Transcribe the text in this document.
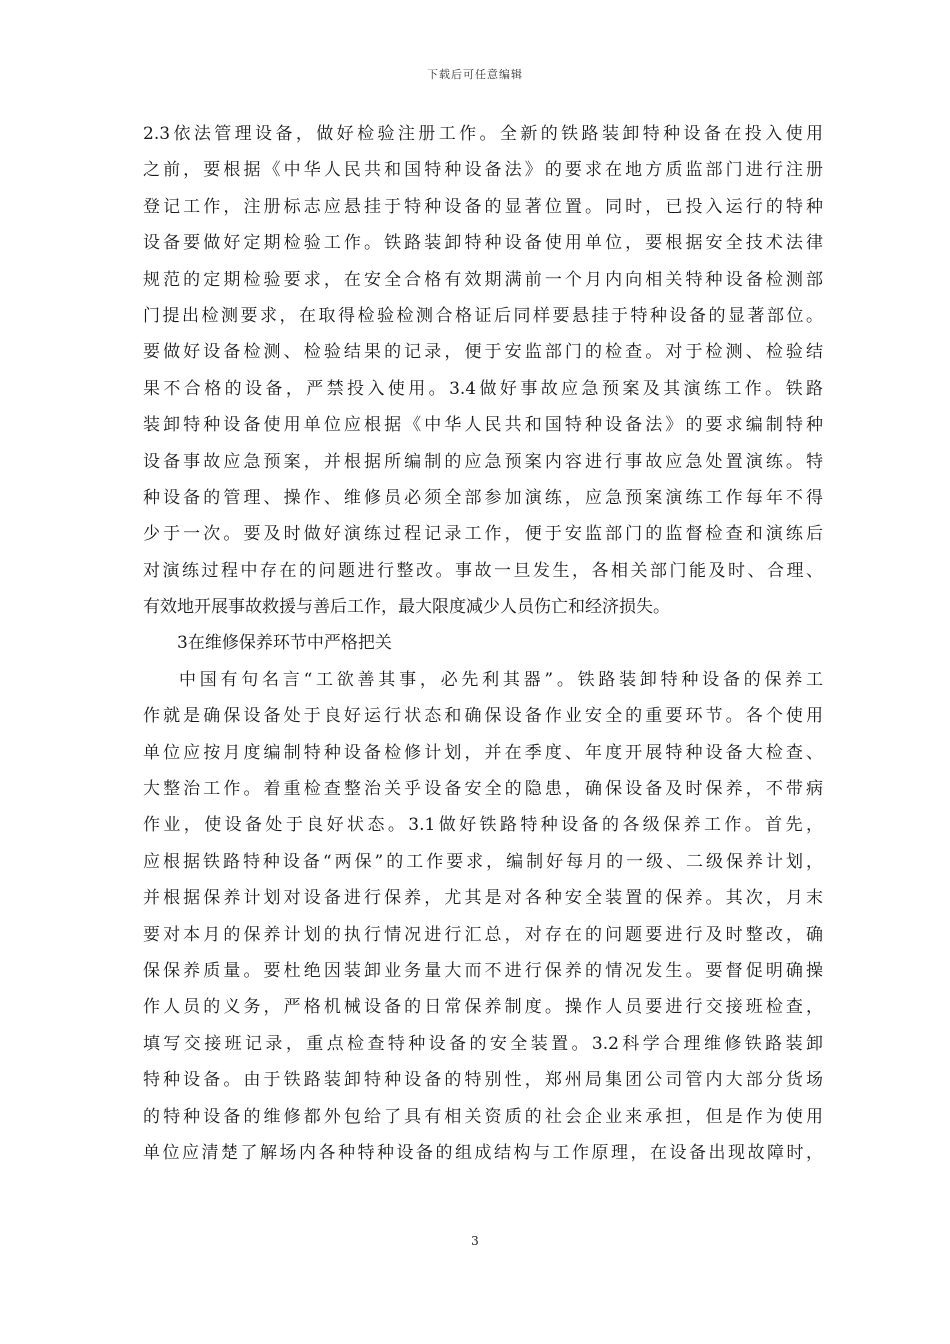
下载后可任意编辑
2.3依法管理设备，做好检验注册工作。全新的铁路装卸特种设备在投入使用
之前，要根据《中华人民共和国特种设备法》的要求在地方质监部门进行注册
登记工作，注册标志应悬挂于特种设备的显著位置。同时，已投入运行的特种
设备要做好定期检验工作。铁路装卸特种设备使用单位，要根据安全技术法律
规范的定期检验要求，在安全合格有效期满前一个月内向相关特种设备检测部
门提出检测要求，在取得检验检测合格证后同样要悬挂于特种设备的显著部位。
要做好设备检测、检验结果的记录，便于安监部门的检查。对于检测、检验结
果不合格的设备，严禁投入使用。3.4做好事故应急预案及其演练工作。铁路
装卸特种设备使用单位应根据《中华人民共和国特种设备法》的要求编制特种
设备事故应急预案，并根据所编制的应急预案内容进行事故应急处置演练。特
种设备的管理、操作、维修员必须全部参加演练，应急预案演练工作每年不得
少于一次。要及时做好演练过程记录工作，便于安监部门的监督检查和演练后
对演练过程中存在的问题进行整改。事故一旦发生，各相关部门能及时、合理、
有效地开展事故救援与善后工作，最大限度减少人员伤亡和经济损失。
3在维修保养环节中严格把关
中国有句名言“工欲善其事，必先利其器”。铁路装卸特种设备的保养工
作就是确保设备处于良好运行状态和确保设备作业安全的重要环节。各个使用
单位应按月度编制特种设备检修计划，并在季度、年度开展特种设备大检查、
大整治工作。着重检查整治关乎设备安全的隐患，确保设备及时保养，不带病
作业，使设备处于良好状态。3.1做好铁路特种设备的各级保养工作。首先，
应根据铁路特种设备“两保”的工作要求，编制好每月的一级、二级保养计划，
并根据保养计划对设备进行保养，尤其是对各种安全装置的保养。其次，月末
要对本月的保养计划的执行情况进行汇总，对存在的问题要进行及时整改，确
保保养质量。要杜绝因装卸业务量大而不进行保养的情况发生。要督促明确操
作人员的义务，严格机械设备的日常保养制度。操作人员要进行交接班检查，
填写交接班记录，重点检查特种设备的安全装置。3.2科学合理维修铁路装卸
特种设备。由于铁路装卸特种设备的特别性，郑州局集团公司管内大部分货场
的特种设备的维修都外包给了具有相关资质的社会企业来承担，但是作为使用
单位应清楚了解场内各种特种设备的组成结构与工作原理，在设备出现故障时，
3
